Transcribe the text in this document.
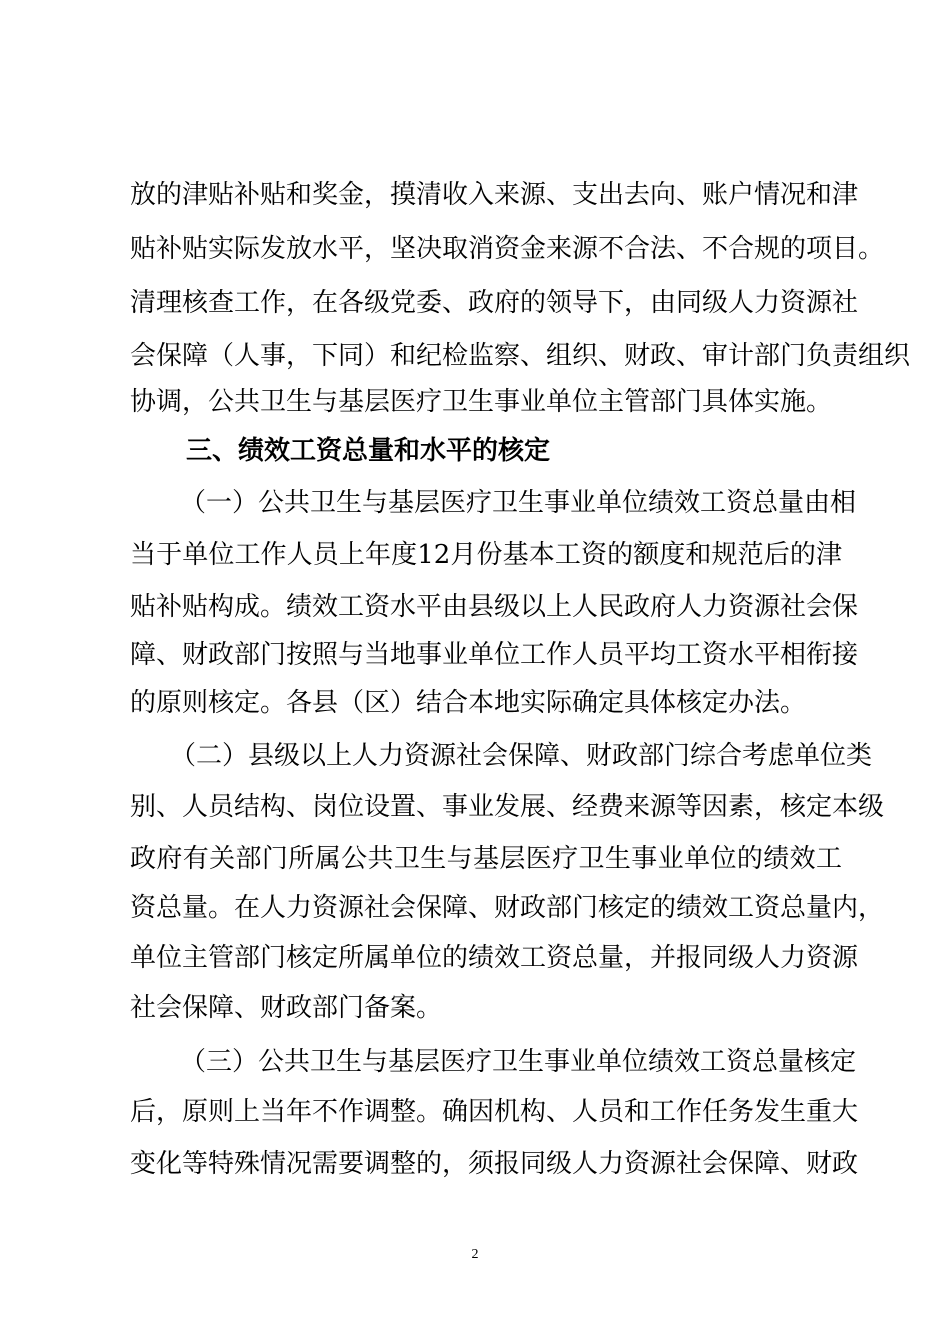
放的津贴补贴和奖金，摸清收入来源、支出去向、账户情况和津
贴补贴实际发放水平，坚决取消资金来源不合法、不合规的项目。
清理核查工作，在各级党委、政府的领导下，由同级人力资源社
会保障（人事，下同）和纪检监察、组织、财政、审计部门负责组织
协调，公共卫生与基层医疗卫生事业单位主管部门具体实施。
三、绩效工资总量和水平的核定
（一）公共卫生与基层医疗卫生事业单位绩效工资总量由相
当于单位工作人员上年度12月份基本工资的额度和规范后的津
贴补贴构成。绩效工资水平由县级以上人民政府人力资源社会保
障、财政部门按照与当地事业单位工作人员平均工资水平相衔接
的原则核定。各县（区）结合本地实际确定具体核定办法。
（二）县级以上人力资源社会保障、财政部门综合考虑单位类
别、人员结构、岗位设置、事业发展、经费来源等因素，核定本级
政府有关部门所属公共卫生与基层医疗卫生事业单位的绩效工
资总量。在人力资源社会保障、财政部门核定的绩效工资总量内，
单位主管部门核定所属单位的绩效工资总量，并报同级人力资源
社会保障、财政部门备案。
（三）公共卫生与基层医疗卫生事业单位绩效工资总量核定
后，原则上当年不作调整。确因机构、人员和工作任务发生重大
变化等特殊情况需要调整的，须报同级人力资源社会保障、财政
2
